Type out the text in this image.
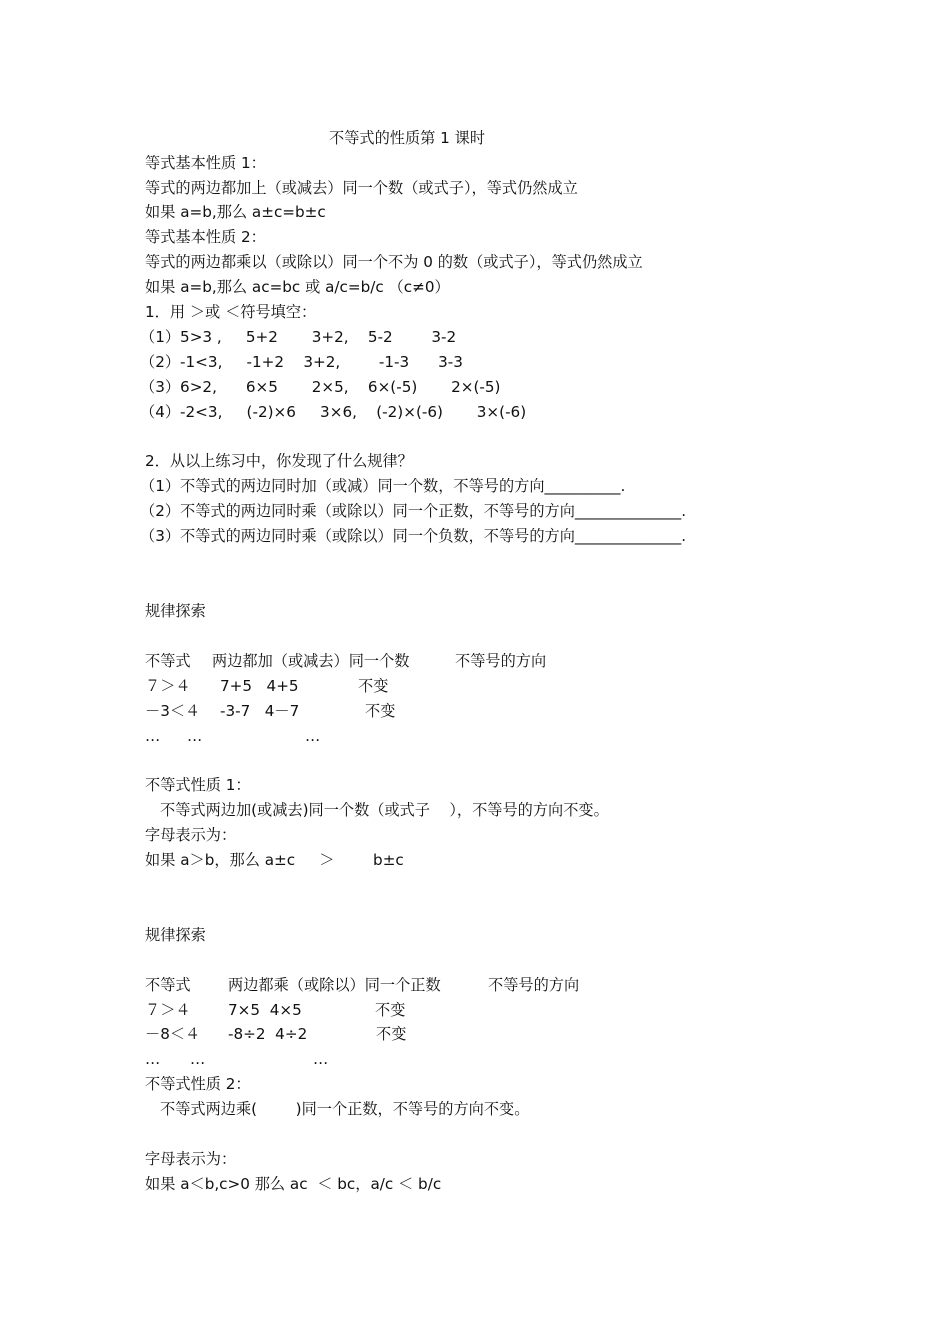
不等式的性质第 1 课时
等式基本性质 1：
等式的两边都加上（或减去）同一个数（或式子），等式仍然成立
如果 a=b,那么 a±c=b±c
等式基本性质 2：
等式的两边都乘以（或除以）同一个不为 0 的数（或式子），等式仍然成立
如果 a=b,那么 ac=bc 或 a/c=b/c （c≠0）
1．用 ＞或 ＜符号填空：
（1）5>3 ,     5+2       3+2,    5-2        3-2
（2）-1<3,     -1+2    3+2,        -1-3      3-3
（3）6>2,      6×5       2×5,    6×(-5)       2×(-5)
（4）-2<3,     (-2)×6     3×6,    (-2)×(-6)       3×(-6)
2．从以上练习中，你发现了什么规律？
（1）不等式的两边同时加（或减）同一个数，不等号的方向__________.
（2）不等式的两边同时乘（或除以）同一个正数，不等号的方向______________.
（3）不等式的两边同时乘（或除以）同一个负数，不等号的方向______________.
规律探索
不等式 两边都加（或减去）同一个数	不等号的方向
７＞４ 7+5   4+5	不变
－3＜４ -3-7   4－7	不变
… …	…
不等式性质 1：
不等式两边加(或减去)同一个数（或式子    ），不等号的方向不变。
字母表示为：
如果 a＞b，那么 a±c     ＞        b±c
规律探索
不等式 两边都乘（或除以）同一个正数	不等号的方向
７＞４ 7×5  4×5	不变
－8＜４ -8÷2  4÷2	不变
… …	…
不等式性质 2：
不等式两边乘(        )同一个正数，不等号的方向不变。
字母表示为：
如果 a＜b,c>0 那么 ac  ＜ bc，a/c ＜ b/c
